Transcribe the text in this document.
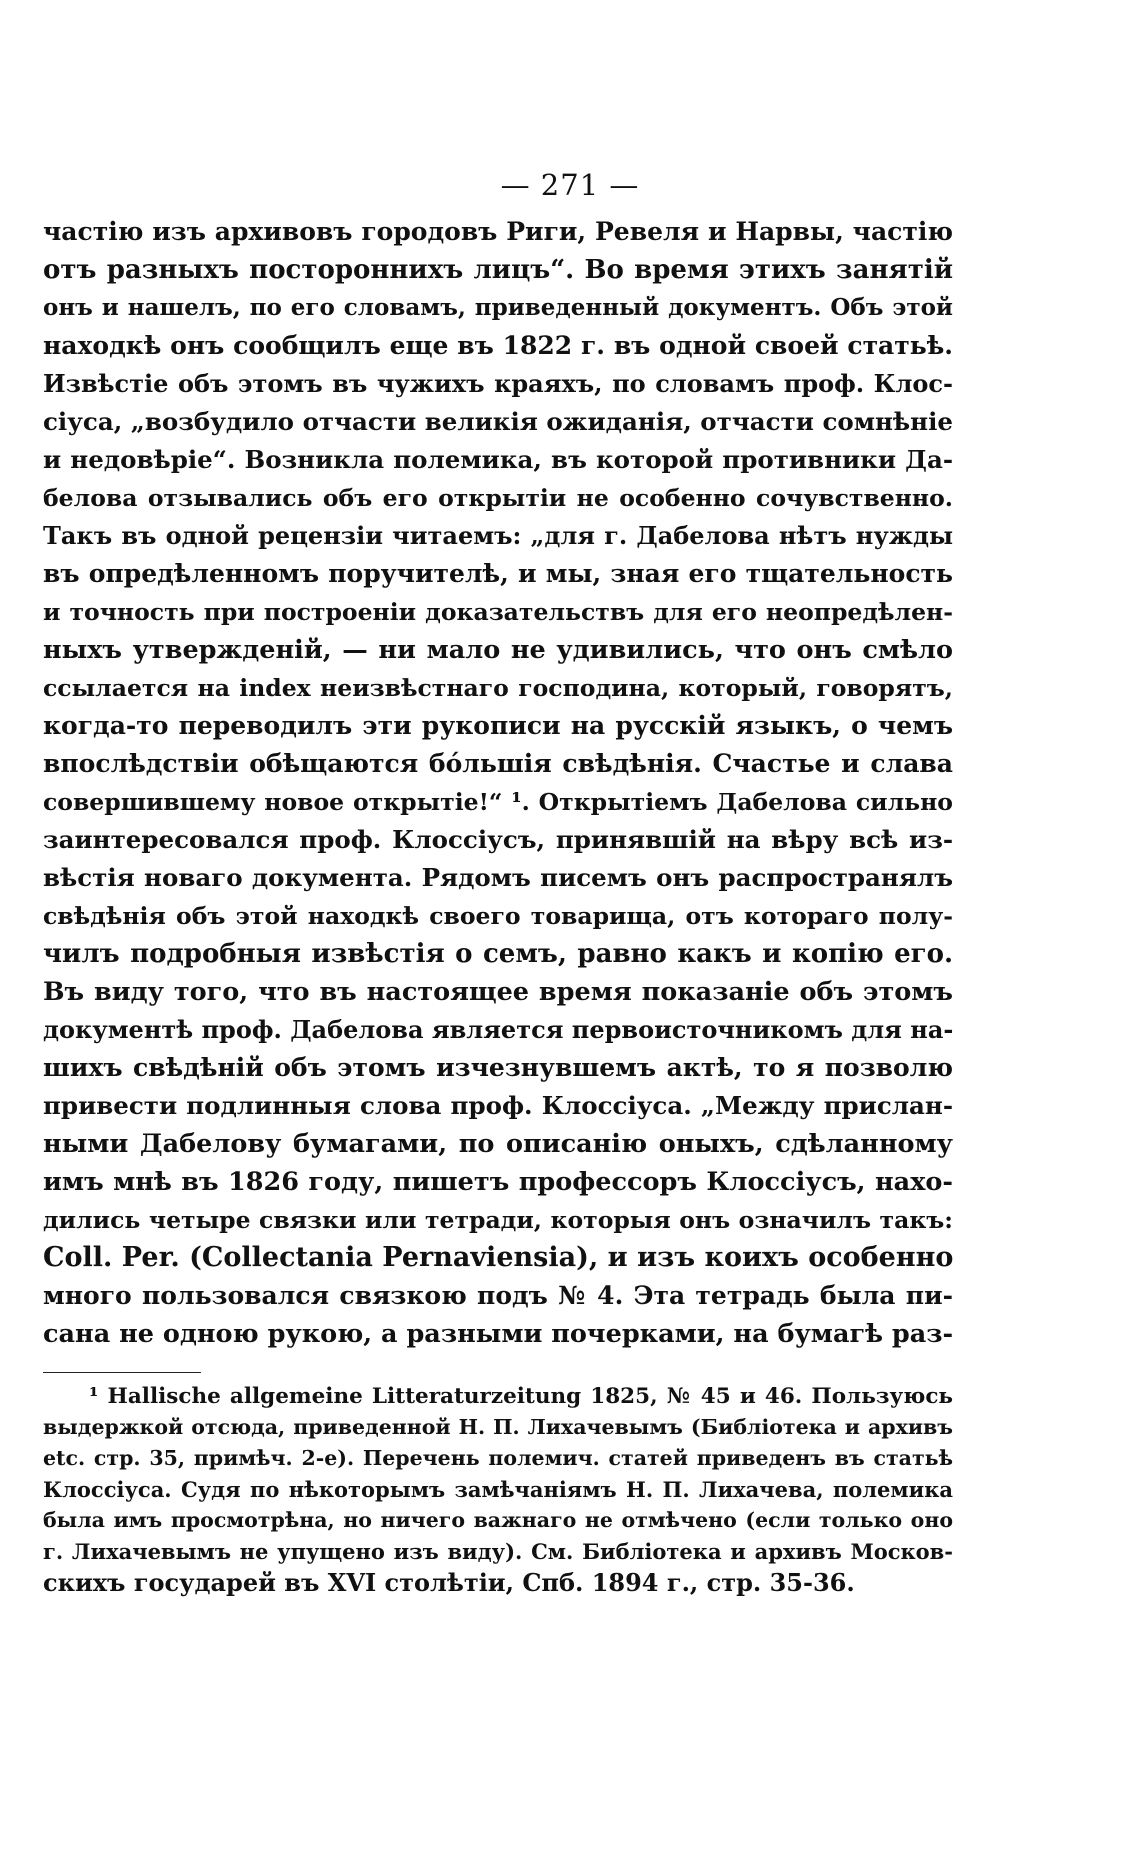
— 271 —
частію изъ архивовъ городовъ Риги, Ревеля и Нарвы, частію
отъ разныхъ постороннихъ лицъ“. Во время этихъ занятій
онъ и нашелъ, по его словамъ, приведенный документъ. Объ этой
находкѣ онъ сообщилъ еще въ 1822 г. въ одной своей статьѣ.
Извѣстіе объ этомъ въ чужихъ краяхъ, по словамъ проф. Клос-
сіуса, „возбудило отчасти великія ожиданія, отчасти сомнѣніе
и недовѣріе“. Возникла полемика, въ которой противники Да-
белова отзывались объ его открытіи не особенно сочувственно.
Такъ въ одной рецензіи читаемъ: „для г. Дабелова нѣтъ нужды
въ опредѣленномъ поручителѣ, и мы, зная его тщательность
и точность при построеніи доказательствъ для его неопредѣлен-
ныхъ утвержденій, — ни мало не удивились, что онъ смѣло
ссылается на index неизвѣстнаго господина, который, говорятъ,
когда-то переводилъ эти рукописи на русскій языкъ, о чемъ
впослѣдствіи обѣщаются бóльшія свѣдѣнія. Счастье и слава
совершившему новое открытіе!“ ¹. Открытіемъ Дабелова сильно
заинтересовался проф. Клоссіусъ, принявшій на вѣру всѣ из-
вѣстія новаго документа. Рядомъ писемъ онъ распространялъ
свѣдѣнія объ этой находкѣ своего товарища, отъ котораго полу-
чилъ подробныя извѣстія о семъ, равно какъ и копію его.
Въ виду того, что въ настоящее время показаніе объ этомъ
документѣ проф. Дабелова является первоисточникомъ для на-
шихъ свѣдѣній объ этомъ изчезнувшемъ актѣ, то я позволю
привести подлинныя слова проф. Клоссіуса. „Между прислан-
ными Дабелову бумагами, по описанію оныхъ, сдѣланному
имъ мнѣ въ 1826 году, пишетъ профессоръ Клоссіусъ, нахо-
дились четыре связки или тетради, которыя онъ означилъ такъ:
Coll. Per. (Collectania Pernaviensia), и изъ коихъ особенно
много пользовался связкою подъ № 4. Эта тетрадь была пи-
сана не одною рукою, а разными почерками, на бумагѣ раз-
¹ Hallische allgemeine Litteraturzeitung 1825, № 45 и 46. Пользуюсь
выдержкой отсюда, приведенной Н. П. Лихачевымъ (Библіотека и архивъ
etc. стр. 35, примѣч. 2-е). Перечень полемич. статей приведенъ въ статьѣ
Клоссіуса. Судя по нѣкоторымъ замѣчаніямъ Н. П. Лихачева, полемика
была имъ просмотрѣна, но ничего важнаго не отмѣчено (если только оно
г. Лихачевымъ не упущено изъ виду). См. Библіотека и архивъ Москов-
скихъ государей въ XVI столѣтіи, Спб. 1894 г., стр. 35-36.
